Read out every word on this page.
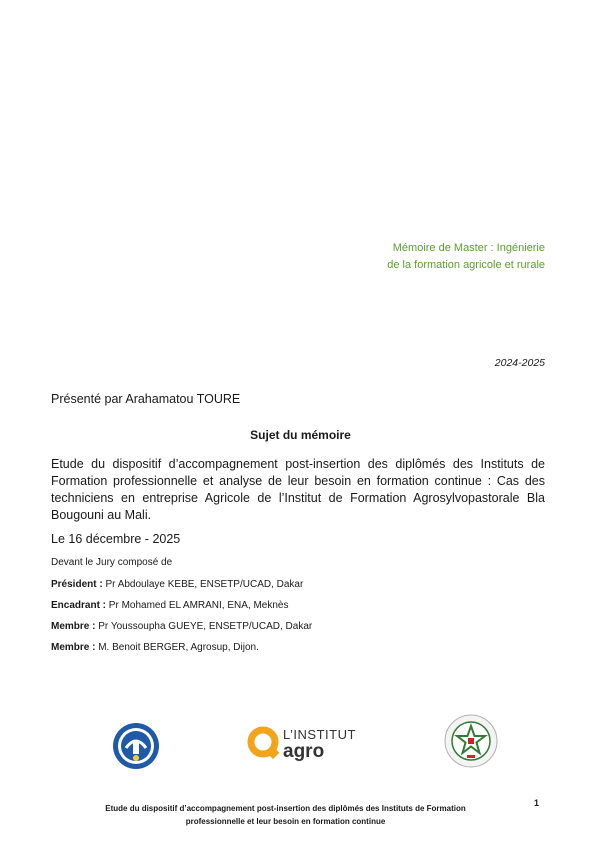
Mémoire de Master : Ingénierie
de la formation agricole et rurale
2024-2025
Présenté par Arahamatou TOURE
Sujet du mémoire
Etude du dispositif d’accompagnement post-insertion des diplômés des Instituts de Formation professionnelle et analyse de leur besoin en formation continue : Cas des techniciens en entreprise Agricole de l’Institut de Formation Agrosylvopastorale Bla Bougouni au Mali.
Le 16 décembre - 2025
Devant le Jury composé de
Président : Pr Abdoulaye KEBE, ENSETP/UCAD, Dakar
Encadrant : Pr Mohamed EL AMRANI, ENA, Meknès
Membre : Pr Youssoupha GUEYE, ENSETP/UCAD, Dakar
Membre : M. Benoit BERGER, Agrosup, Dijon.
L’INSTITUT
agro
Etude du dispositif d’accompagnement post-insertion des diplômés des Instituts de Formation
professionnelle et leur besoin en formation continue
1
